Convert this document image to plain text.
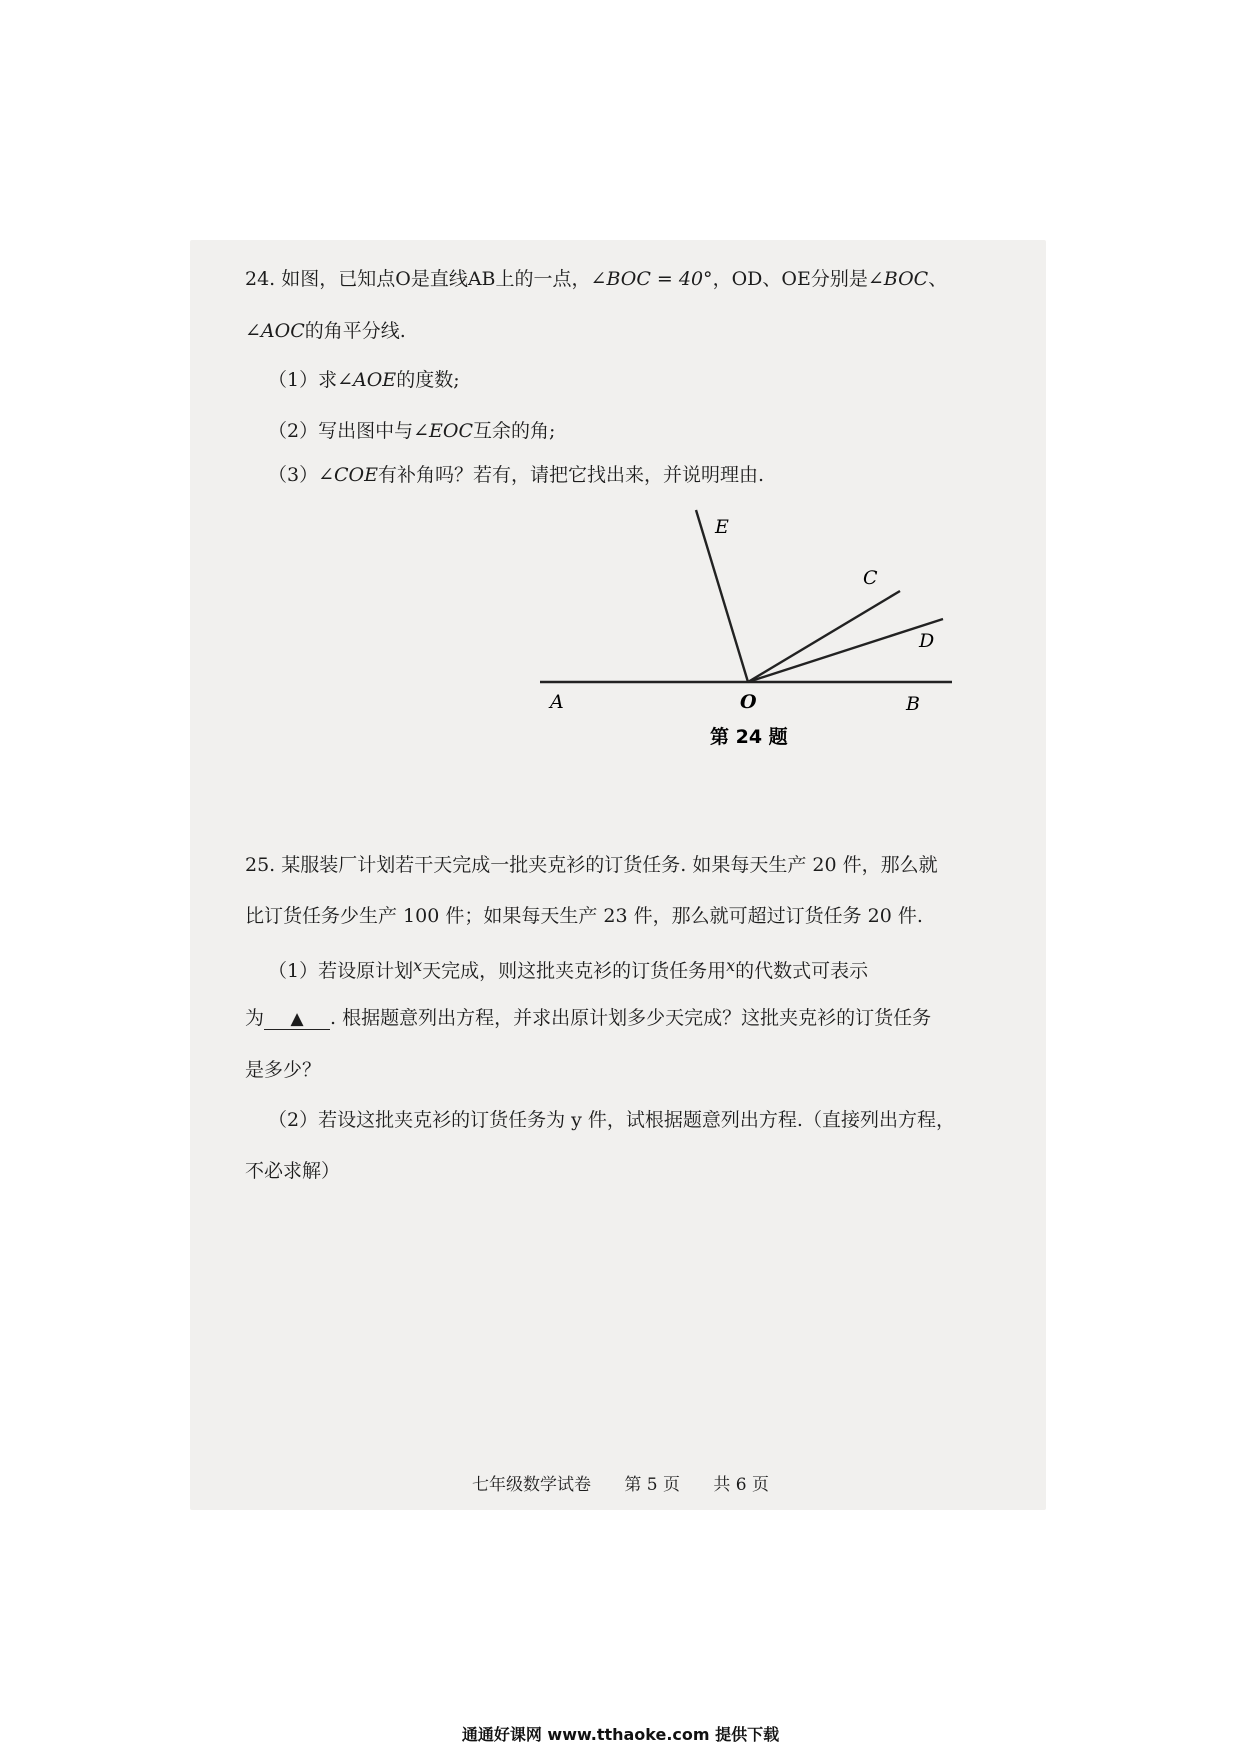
24. 如图，已知点O是直线AB上的一点，∠BOC = 40°，OD、OE分别是∠BOC、
∠AOC的角平分线.
（1）求∠AOE的度数;
（2）写出图中与∠EOC互余的角;
（3）∠COE有补角吗？若有，请把它找出来，并说明理由.
E
C
D
A	O	B
第 24 题
25. 某服装厂计划若干天完成一批夹克衫的订货任务. 如果每天生产 20 件，那么就
比订货任务少生产 100 件；如果每天生产 23 件，那么就可超过订货任务 20 件.
（1）若设原计划$^x$天完成，则这批夹克衫的订货任务用$^x$的代数式可表示
为 ▲ . 根据题意列出方程，并求出原计划多少天完成？这批夹克衫的订货任务
是多少？
（2）若设这批夹克衫的订货任务为 y 件，试根据题意列出方程.（直接列出方程，
不必求解）
七年级数学试卷 第 5 页 共 6 页
通通好课网 www.tthaoke.com 提供下载
